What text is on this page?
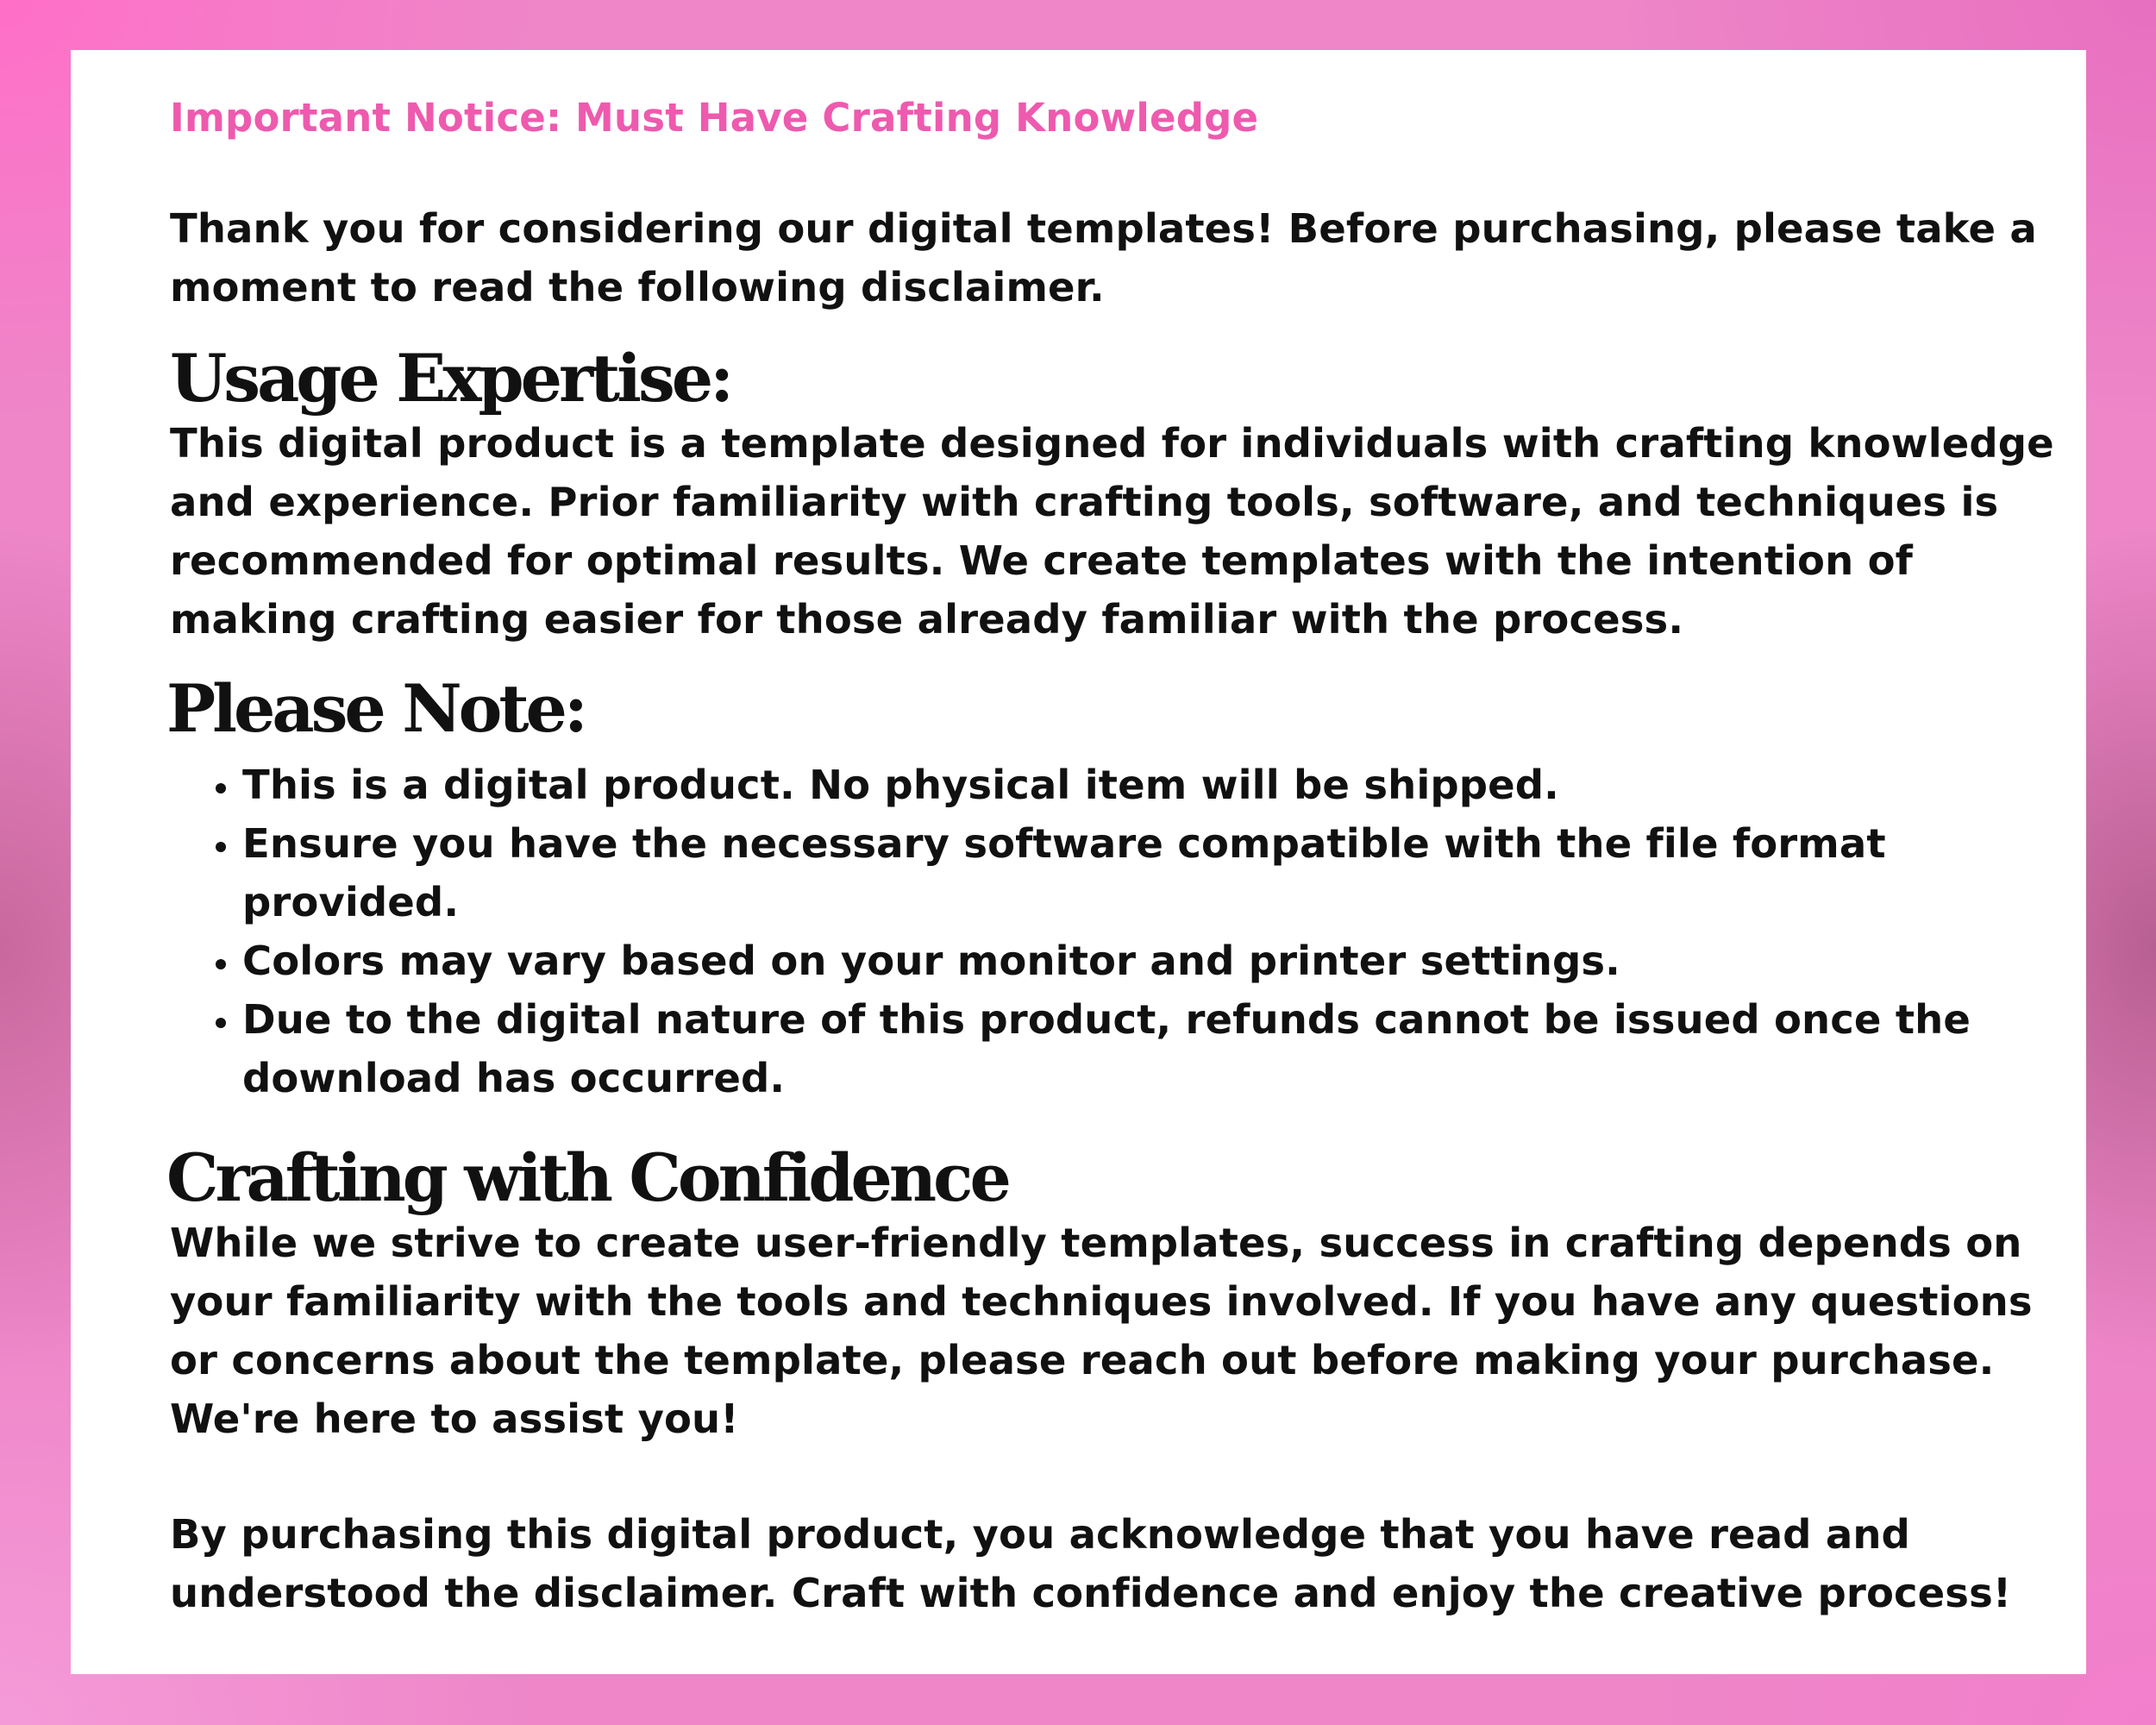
Important Notice: Must Have Crafting Knowledge

Thank you for considering our digital templates! Before purchasing, please take a moment to read the following disclaimer.

Usage Expertise:

This digital product is a template designed for individuals with crafting knowledge and experience. Prior familiarity with crafting tools, software, and techniques is recommended for optimal results. We create templates with the intention of making crafting easier for those already familiar with the process.

Please Note:
• This is a digital product. No physical item will be shipped.
• Ensure you have the necessary software compatible with the file format provided.
• Colors may vary based on your monitor and printer settings.
• Due to the digital nature of this product, refunds cannot be issued once the download has occurred.
Crafting with Confidence

While we strive to create user-friendly templates, success in crafting depends on your familiarity with the tools and techniques involved. If you have any questions or concerns about the template, please reach out before making your purchase. We're here to assist you!

By purchasing this digital product, you acknowledge that you have read and understood the disclaimer. Craft with confidence and enjoy the creative process!
